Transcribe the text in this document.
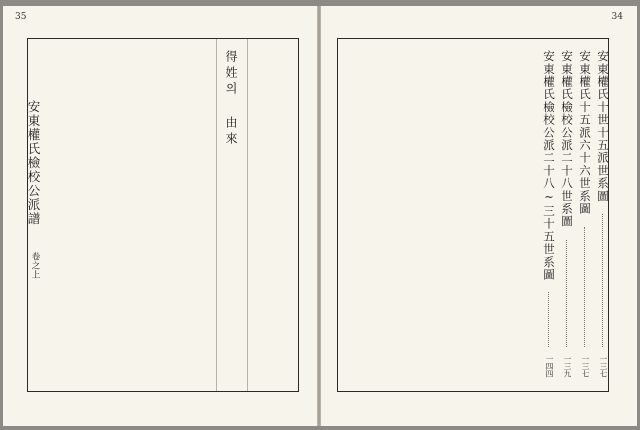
35
安東權氏檢校公派譜
卷之上
得姓의 由來
34
安東權氏十世十五派世系圖
一三七
安東權氏十五派六十六世系圖
一三七
安東權氏檢校公派二十八世系圖
一三九
安東權氏檢校公派二十八∼三十五世系圖
一四四
